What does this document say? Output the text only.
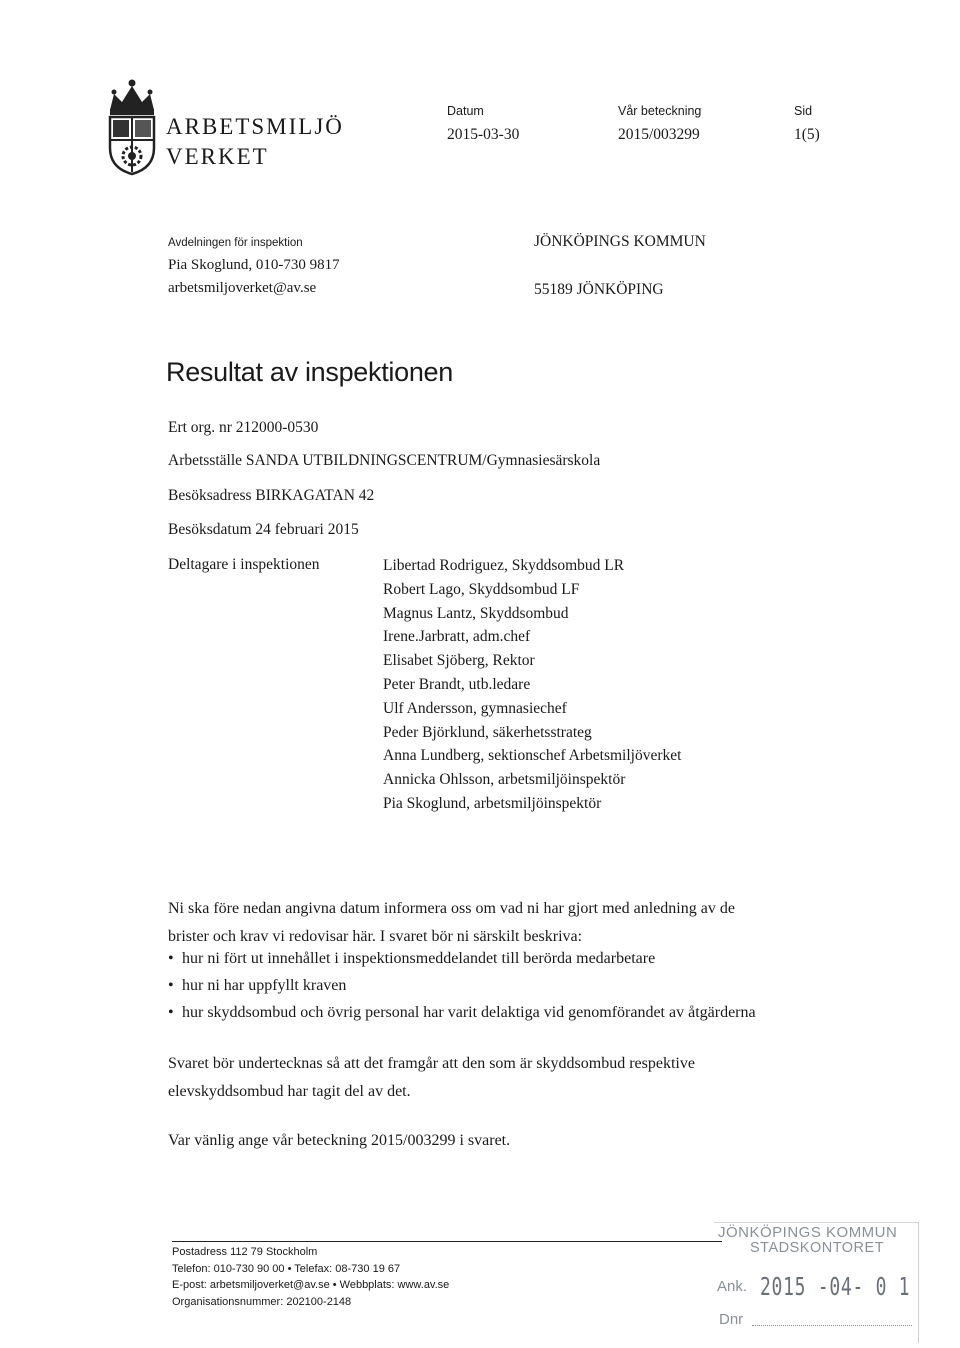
ARBETSMILJÖ
VERKET
Datum
2015-03-30
Vår beteckning
2015/003299
Sid
1(5)
Avdelningen för inspektion
Pia Skoglund, 010-730 9817
arbetsmiljoverket@av.se
JÖNKÖPINGS KOMMUN
55189 JÖNKÖPING
Resultat av inspektionen
Ert org. nr 212000-0530
Arbetsställe SANDA UTBILDNINGSCENTRUM/Gymnasiesärskola
Besöksadress BIRKAGATAN 42
Besöksdatum 24 februari 2015
Deltagare i inspektionen	Libertad Rodriguez, Skyddsombud LR
Robert Lago, Skyddsombud LF
Magnus Lantz, Skyddsombud
Irene.Jarbratt, adm.chef
Elisabet Sjöberg, Rektor
Peter Brandt, utb.ledare
Ulf Andersson, gymnasiechef
Peder Björklund, säkerhetsstrateg
Anna Lundberg, sektionschef Arbetsmiljöverket
Annicka Ohlsson, arbetsmiljöinspektör
Pia Skoglund, arbetsmiljöinspektör
Ni ska före nedan angivna datum informera oss om vad ni har gjort med anledning av de
brister och krav vi redovisar här. I svaret bör ni särskilt beskriva:
• hur ni fört ut innehållet i inspektionsmeddelandet till berörda medarbetare
• hur ni har uppfyllt kraven
• hur skyddsombud och övrig personal har varit delaktiga vid genomförandet av åtgärderna
Svaret bör undertecknas så att det framgår att den som är skyddsombud respektive
elevskyddsombud har tagit del av det.
Var vänlig ange vår beteckning 2015/003299 i svaret.
Postadress 112 79 Stockholm
Telefon: 010-730 90 00 • Telefax: 08-730 19 67
E-post: arbetsmiljoverket@av.se • Webbplats: www.av.se
Organisationsnummer: 202100-2148
JÖNKÖPINGS KOMMUN
STADSKONTORET
Ank. 2015 -04- 0 1
Dnr
